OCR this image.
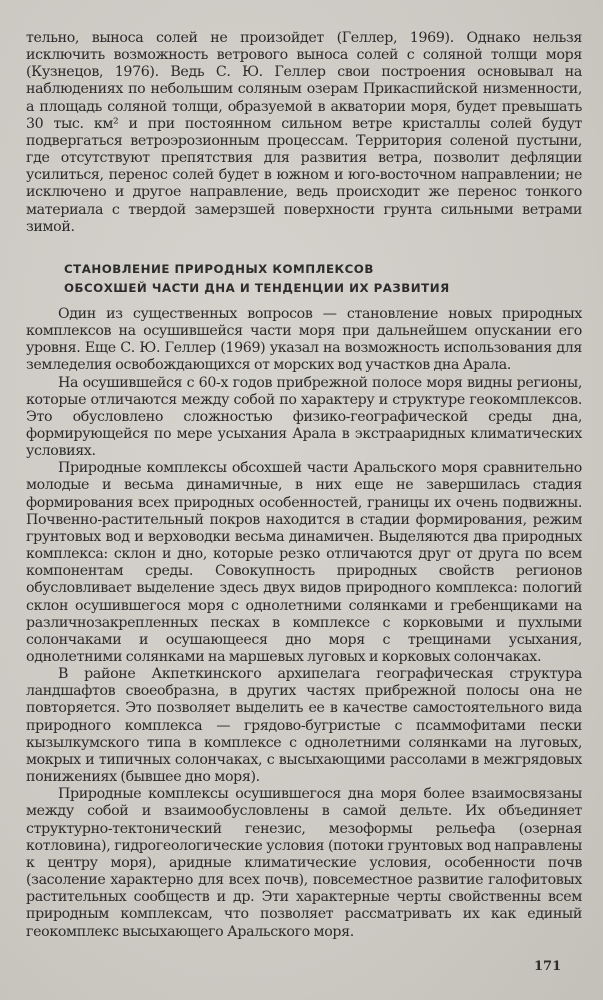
тельно, выноса солей не произойдет (Геллер, 1969). Однако нельзя исключить возможность ветрового выноса солей с соляной толщи моря (Кузнецов, 1976). Ведь С. Ю. Геллер свои построения основывал на наблюдениях по небольшим соляным озерам Прикаспийской низменности, а площадь соляной толщи, образуемой в акватории моря, будет превышать 30 тыс. км² и при постоянном сильном ветре кристаллы солей будут подвергаться ветроэрозионным процессам. Территория соленой пустыни, где отсутствуют препятствия для развития ветра, позволит дефляции усилиться, перенос солей будет в южном и юго-восточном направлении; не исключено и другое направление, ведь происходит же перенос тонкого материала с твердой замерзшей поверхности грунта сильными ветрами зимой.

СТАНОВЛЕНИЕ ПРИРОДНЫХ КОМПЛЕКСОВ
ОБСОХШЕЙ ЧАСТИ ДНА И ТЕНДЕНЦИИ ИХ РАЗВИТИЯ

Один из существенных вопросов — становление новых природных комплексов на осушившейся части моря при дальнейшем опускании его уровня. Еще С. Ю. Геллер (1969) указал на возможность использования для земледелия освобождающихся от морских вод участков дна Арала.

На осушившейся с 60-х годов прибрежной полосе моря видны регионы, которые отличаются между собой по характеру и структуре геокомплексов. Это обусловлено сложностью физико-географической среды дна, формирующейся по мере усыхания Арала в экстрааридных климатических условиях.

Природные комплексы обсохшей части Аральского моря сравнительно молодые и весьма динамичные, в них еще не завершилась стадия формирования всех природных особенностей, границы их очень подвижны. Почвенно-растительный покров находится в стадии формирования, режим грунтовых вод и верховодки весьма динамичен. Выделяются два природных комплекса: склон и дно, которые резко отличаются друг от друга по всем компонентам среды. Совокупность природных свойств регионов обусловливает выделение здесь двух видов природного комплекса: пологий склон осушившегося моря с однолетними солянками и гребенщиками на различнозакрепленных песках в комплексе с корковыми и пухлыми солончаками и осушающееся дно моря с трещинами усыхания, однолетними солянками на маршевых луговых и корковых солончаках.

В районе Акпеткинского архипелага географическая структура ландшафтов своеобразна, в других частях прибрежной полосы она не повторяется. Это позволяет выделить ее в качестве самостоятельного вида природного комплекса — грядово-бугристые с псаммофитами пески кызылкумского типа в комплексе с однолетними солянками на луговых, мокрых и типичных солончаках, с высыхающими рассолами в межгрядовых понижениях (бывшее дно моря).

Природные комплексы осушившегося дна моря более взаимосвязаны между собой и взаимообусловлены в самой дельте. Их объединяет структурно-тектонический генезис, мезоформы рельефа (озерная котловина), гидрогеологические условия (потоки грунтовых вод направлены к центру моря), аридные климатические условия, особенности почв (засоление характерно для всех почв), повсеместное развитие галофитовых растительных сообществ и др. Эти характерные черты свойственны всем природным комплексам, что позволяет рассматривать их как единый геокомплекс высыхающего Аральского моря.

171
